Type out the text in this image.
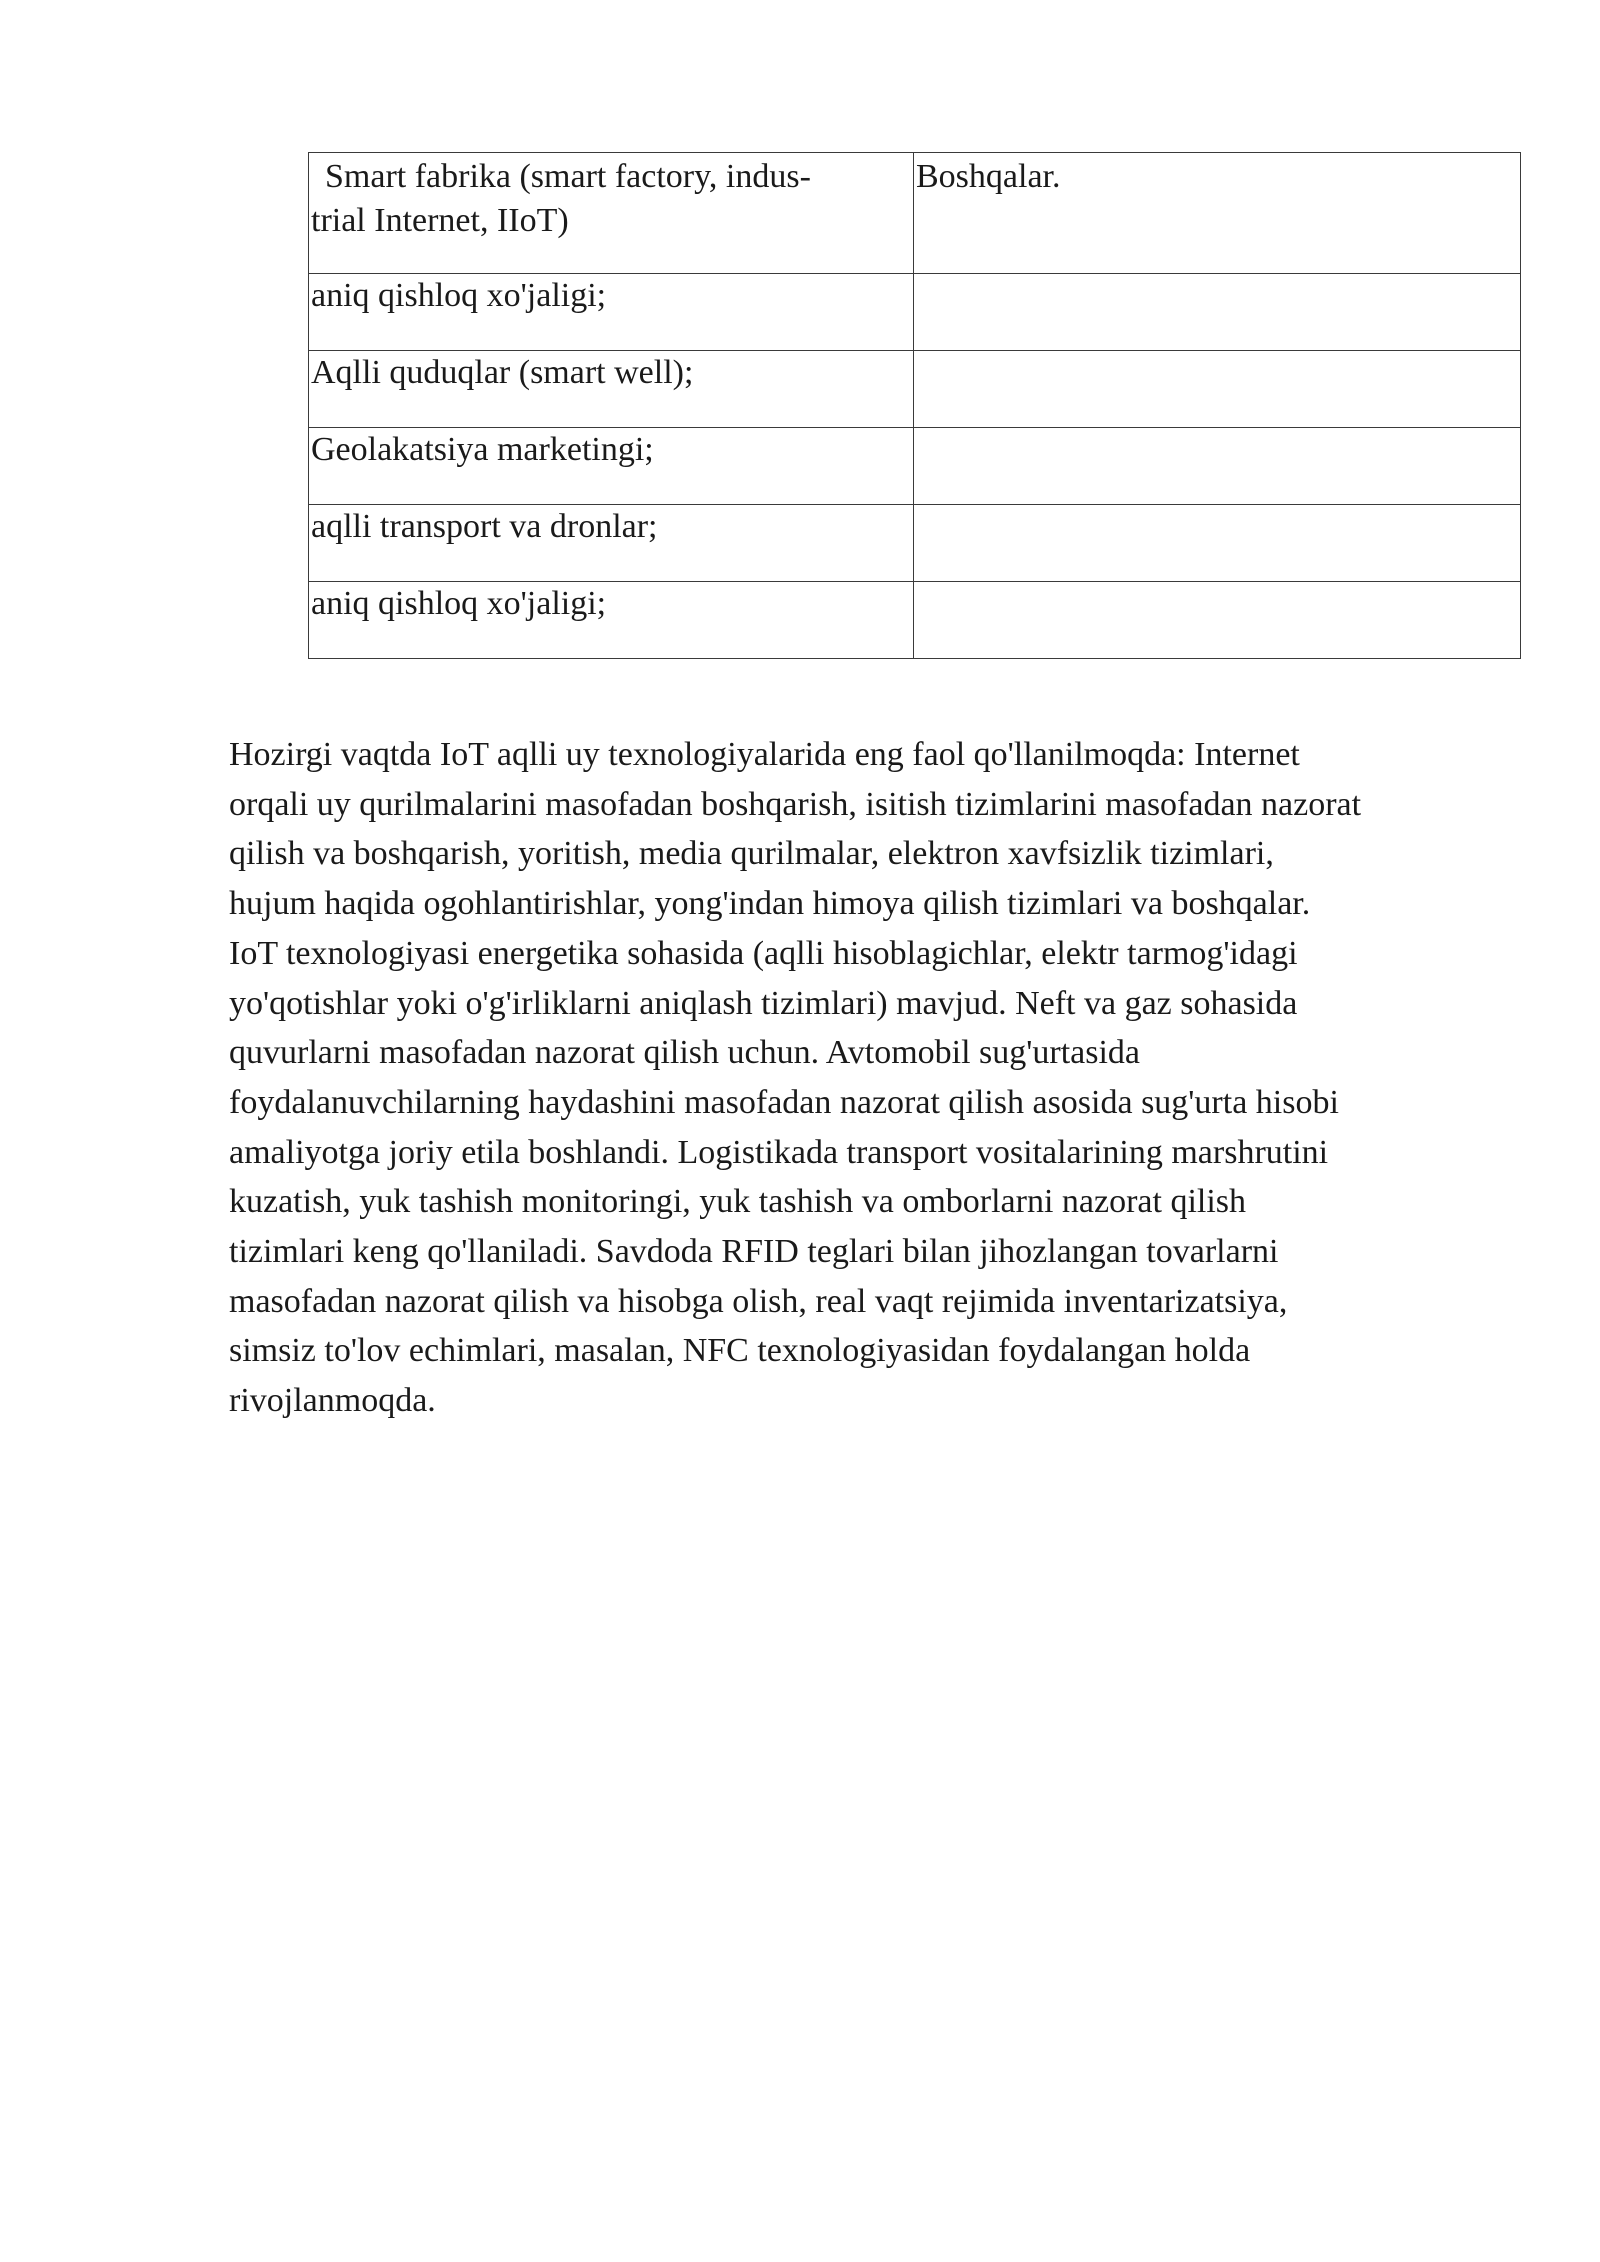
Smart fabrika (smart factory, indus-
trial Internet, IIoT)	Boshqalar.
aniq qishloq xo'jaligi;	
Aqlli quduqlar (smart well);	
Geolakatsiya marketingi;	
aqlli transport va dronlar;	
aniq qishloq xo'jaligi;	

Hozirgi vaqtda IoT aqlli uy texnologiyalarida eng faol qo'llanilmoqda: Internet
orqali uy qurilmalarini masofadan boshqarish, isitish tizimlarini masofadan nazorat
qilish va boshqarish, yoritish, media qurilmalar, elektron xavfsizlik tizimlari,
hujum haqida ogohlantirishlar, yong'indan himoya qilish tizimlari va boshqalar.
IoT texnologiyasi energetika sohasida (aqlli hisoblagichlar, elektr tarmog'idagi
yo'qotishlar yoki o'g'irliklarni aniqlash tizimlari) mavjud. Neft va gaz sohasida
quvurlarni masofadan nazorat qilish uchun. Avtomobil sug'urtasida
foydalanuvchilarning haydashini masofadan nazorat qilish asosida sug'urta hisobi
amaliyotga joriy etila boshlandi. Logistikada transport vositalarining marshrutini
kuzatish, yuk tashish monitoringi, yuk tashish va omborlarni nazorat qilish
tizimlari keng qo'llaniladi. Savdoda RFID teglari bilan jihozlangan tovarlarni
masofadan nazorat qilish va hisobga olish, real vaqt rejimida inventarizatsiya,
simsiz to'lov echimlari, masalan, NFC texnologiyasidan foydalangan holda
rivojlanmoqda.
